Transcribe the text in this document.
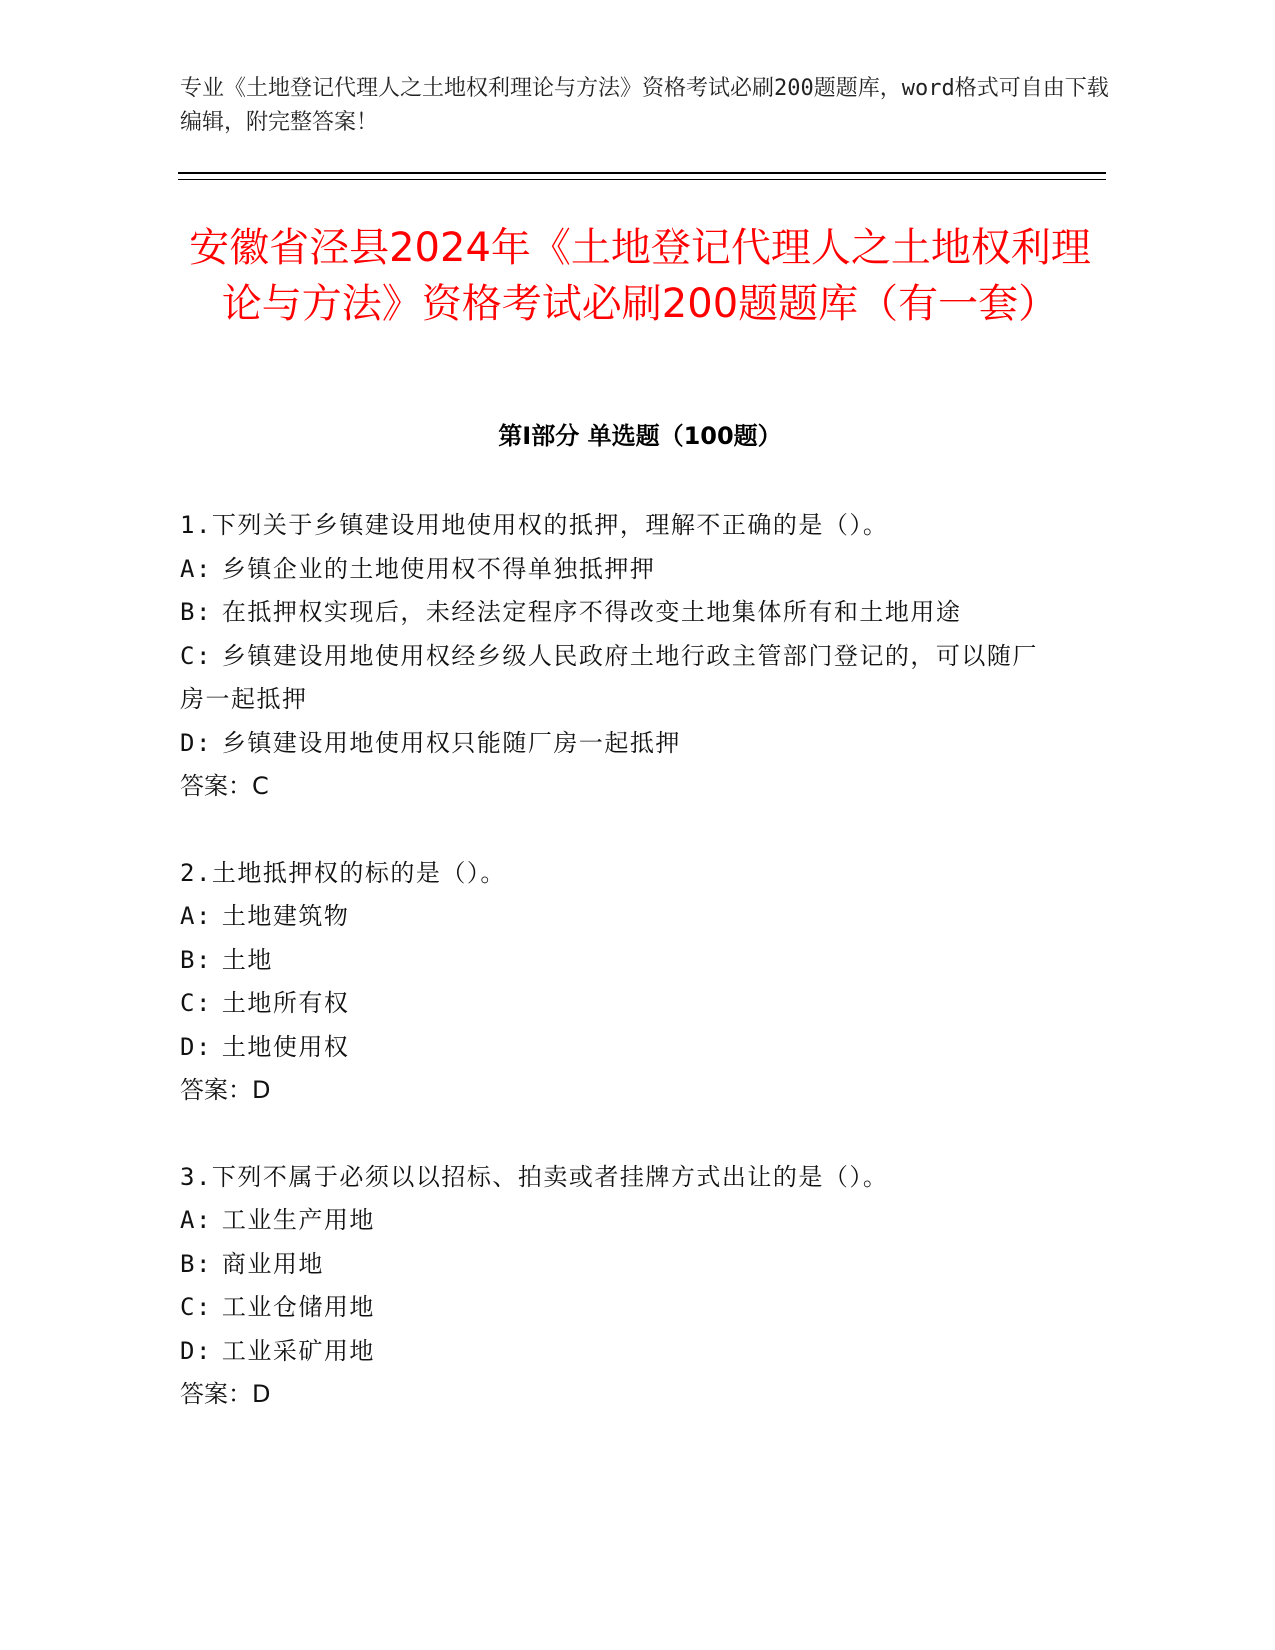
专业《土地登记代理人之土地权利理论与方法》资格考试必刷200题题库，word格式可自由下载编辑，附完整答案！
安徽省泾县2024年《土地登记代理人之土地权利理论与方法》资格考试必刷200题题库（有一套）
第Ⅰ部分 单选题（100题）
1.下列关于乡镇建设用地使用权的抵押，理解不正确的是（）。
A: 乡镇企业的土地使用权不得单独抵押押
B: 在抵押权实现后，未经法定程序不得改变土地集体所有和土地用途
C: 乡镇建设用地使用权经乡级人民政府土地行政主管部门登记的，可以随厂房一起抵押
D: 乡镇建设用地使用权只能随厂房一起抵押
答案：C
2.土地抵押权的标的是（）。
A: 土地建筑物
B: 土地
C: 土地所有权
D: 土地使用权
答案：D
3.下列不属于必须以以招标、拍卖或者挂牌方式出让的是（）。
A: 工业生产用地
B: 商业用地
C: 工业仓储用地
D: 工业采矿用地
答案：D
